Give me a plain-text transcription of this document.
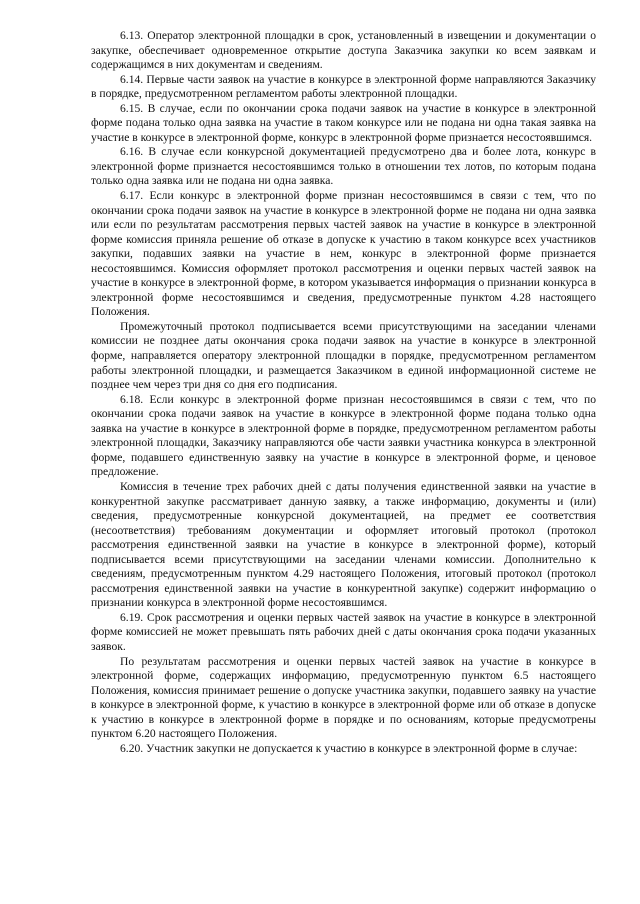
6.13. Оператор электронной площадки в срок, установленный в извещении и документации о закупке, обеспечивает одновременное открытие доступа Заказчика закупки ко всем заявкам и содержащимся в них документам и сведениям.

6.14. Первые части заявок на участие в конкурсе в электронной форме направляются Заказчику в порядке, предусмотренном регламентом работы электронной площадки.

6.15. В случае, если по окончании срока подачи заявок на участие в конкурсе в электронной форме подана только одна заявка на участие в таком конкурсе или не подана ни одна такая заявка на участие в конкурсе в электронной форме, конкурс в электронной форме признается несостоявшимся.

6.16. В случае если конкурсной документацией предусмотрено два и более лота, конкурс в электронной форме признается несостоявшимся только в отношении тех лотов, по которым подана только одна заявка или не подана ни одна заявка.

6.17. Если конкурс в электронной форме признан несостоявшимся в связи с тем, что по окончании срока подачи заявок на участие в конкурсе в электронной форме не подана ни одна заявка или если по результатам рассмотрения первых частей заявок на участие в конкурсе в электронной форме комиссия приняла решение об отказе в допуске к участию в таком конкурсе всех участников закупки, подавших заявки на участие в нем, конкурс в электронной форме признается несостоявшимся. Комиссия оформляет протокол рассмотрения и оценки первых частей заявок на участие в конкурсе в электронной форме, в котором указывается информация о признании конкурса в электронной форме несостоявшимся и сведения, предусмотренные пунктом 4.28 настоящего Положения.

Промежуточный протокол подписывается всеми присутствующими на заседании членами комиссии не позднее даты окончания срока подачи заявок на участие в конкурсе в электронной форме, направляется оператору электронной площадки в порядке, предусмотренном регламентом работы электронной площадки, и размещается Заказчиком в единой информационной системе не позднее чем через три дня со дня его подписания.

6.18. Если конкурс в электронной форме признан несостоявшимся в связи с тем, что по окончании срока подачи заявок на участие в конкурсе в электронной форме подана только одна заявка на участие в конкурсе в электронной форме в порядке, предусмотренном регламентом работы электронной площадки, Заказчику направляются обе части заявки участника конкурса в электронной форме, подавшего единственную заявку на участие в конкурсе в электронной форме, и ценовое предложение.

Комиссия в течение трех рабочих дней с даты получения единственной заявки на участие в конкурентной закупке рассматривает данную заявку, а также информацию, документы и (или) сведения, предусмотренные конкурсной документацией, на предмет ее соответствия (несоответствия) требованиям документации и оформляет итоговый протокол (протокол рассмотрения единственной заявки на участие в конкурсе в электронной форме), который подписывается всеми присутствующими на заседании членами комиссии. Дополнительно к сведениям, предусмотренным пунктом 4.29 настоящего Положения, итоговый протокол (протокол рассмотрения единственной заявки на участие в конкурентной закупке) содержит информацию о признании конкурса в электронной форме несостоявшимся.

6.19. Срок рассмотрения и оценки первых частей заявок на участие в конкурсе в электронной форме комиссией не может превышать пять рабочих дней с даты окончания срока подачи указанных заявок.

По результатам рассмотрения и оценки первых частей заявок на участие в конкурсе в электронной форме, содержащих информацию, предусмотренную пунктом 6.5 настоящего Положения, комиссия принимает решение о допуске участника закупки, подавшего заявку на участие в конкурсе в электронной форме, к участию в конкурсе в электронной форме или об отказе в допуске к участию в конкурсе в электронной форме в порядке и по основаниям, которые предусмотрены пунктом 6.20 настоящего Положения.

6.20. Участник закупки не допускается к участию в конкурсе в электронной форме в случае:
